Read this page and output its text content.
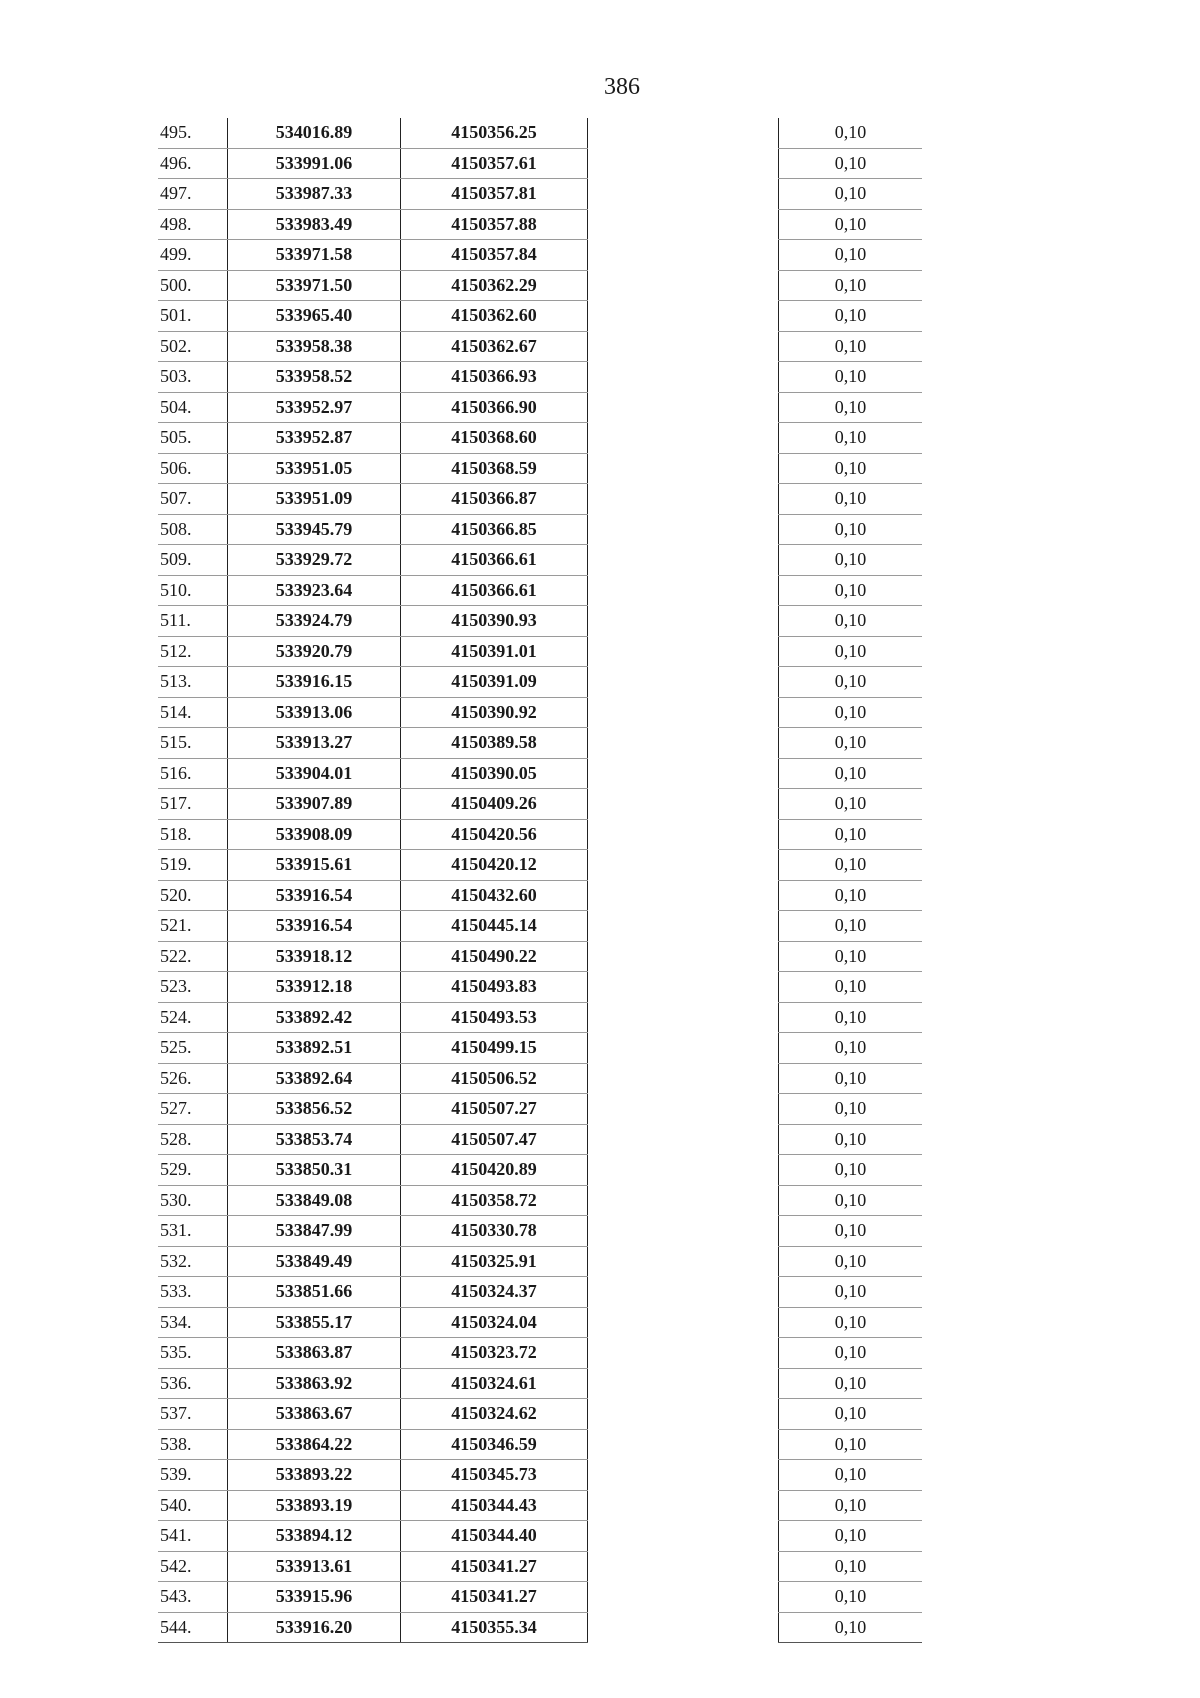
386
495.	534016.89	4150356.25		0,10
496.	533991.06	4150357.61		0,10
497.	533987.33	4150357.81		0,10
498.	533983.49	4150357.88		0,10
499.	533971.58	4150357.84		0,10
500.	533971.50	4150362.29		0,10
501.	533965.40	4150362.60		0,10
502.	533958.38	4150362.67		0,10
503.	533958.52	4150366.93		0,10
504.	533952.97	4150366.90		0,10
505.	533952.87	4150368.60		0,10
506.	533951.05	4150368.59		0,10
507.	533951.09	4150366.87		0,10
508.	533945.79	4150366.85		0,10
509.	533929.72	4150366.61		0,10
510.	533923.64	4150366.61		0,10
511.	533924.79	4150390.93		0,10
512.	533920.79	4150391.01		0,10
513.	533916.15	4150391.09		0,10
514.	533913.06	4150390.92		0,10
515.	533913.27	4150389.58		0,10
516.	533904.01	4150390.05		0,10
517.	533907.89	4150409.26		0,10
518.	533908.09	4150420.56		0,10
519.	533915.61	4150420.12		0,10
520.	533916.54	4150432.60		0,10
521.	533916.54	4150445.14		0,10
522.	533918.12	4150490.22		0,10
523.	533912.18	4150493.83		0,10
524.	533892.42	4150493.53		0,10
525.	533892.51	4150499.15		0,10
526.	533892.64	4150506.52		0,10
527.	533856.52	4150507.27		0,10
528.	533853.74	4150507.47		0,10
529.	533850.31	4150420.89		0,10
530.	533849.08	4150358.72		0,10
531.	533847.99	4150330.78		0,10
532.	533849.49	4150325.91		0,10
533.	533851.66	4150324.37		0,10
534.	533855.17	4150324.04		0,10
535.	533863.87	4150323.72		0,10
536.	533863.92	4150324.61		0,10
537.	533863.67	4150324.62		0,10
538.	533864.22	4150346.59		0,10
539.	533893.22	4150345.73		0,10
540.	533893.19	4150344.43		0,10
541.	533894.12	4150344.40		0,10
542.	533913.61	4150341.27		0,10
543.	533915.96	4150341.27		0,10
544.	533916.20	4150355.34		0,10
